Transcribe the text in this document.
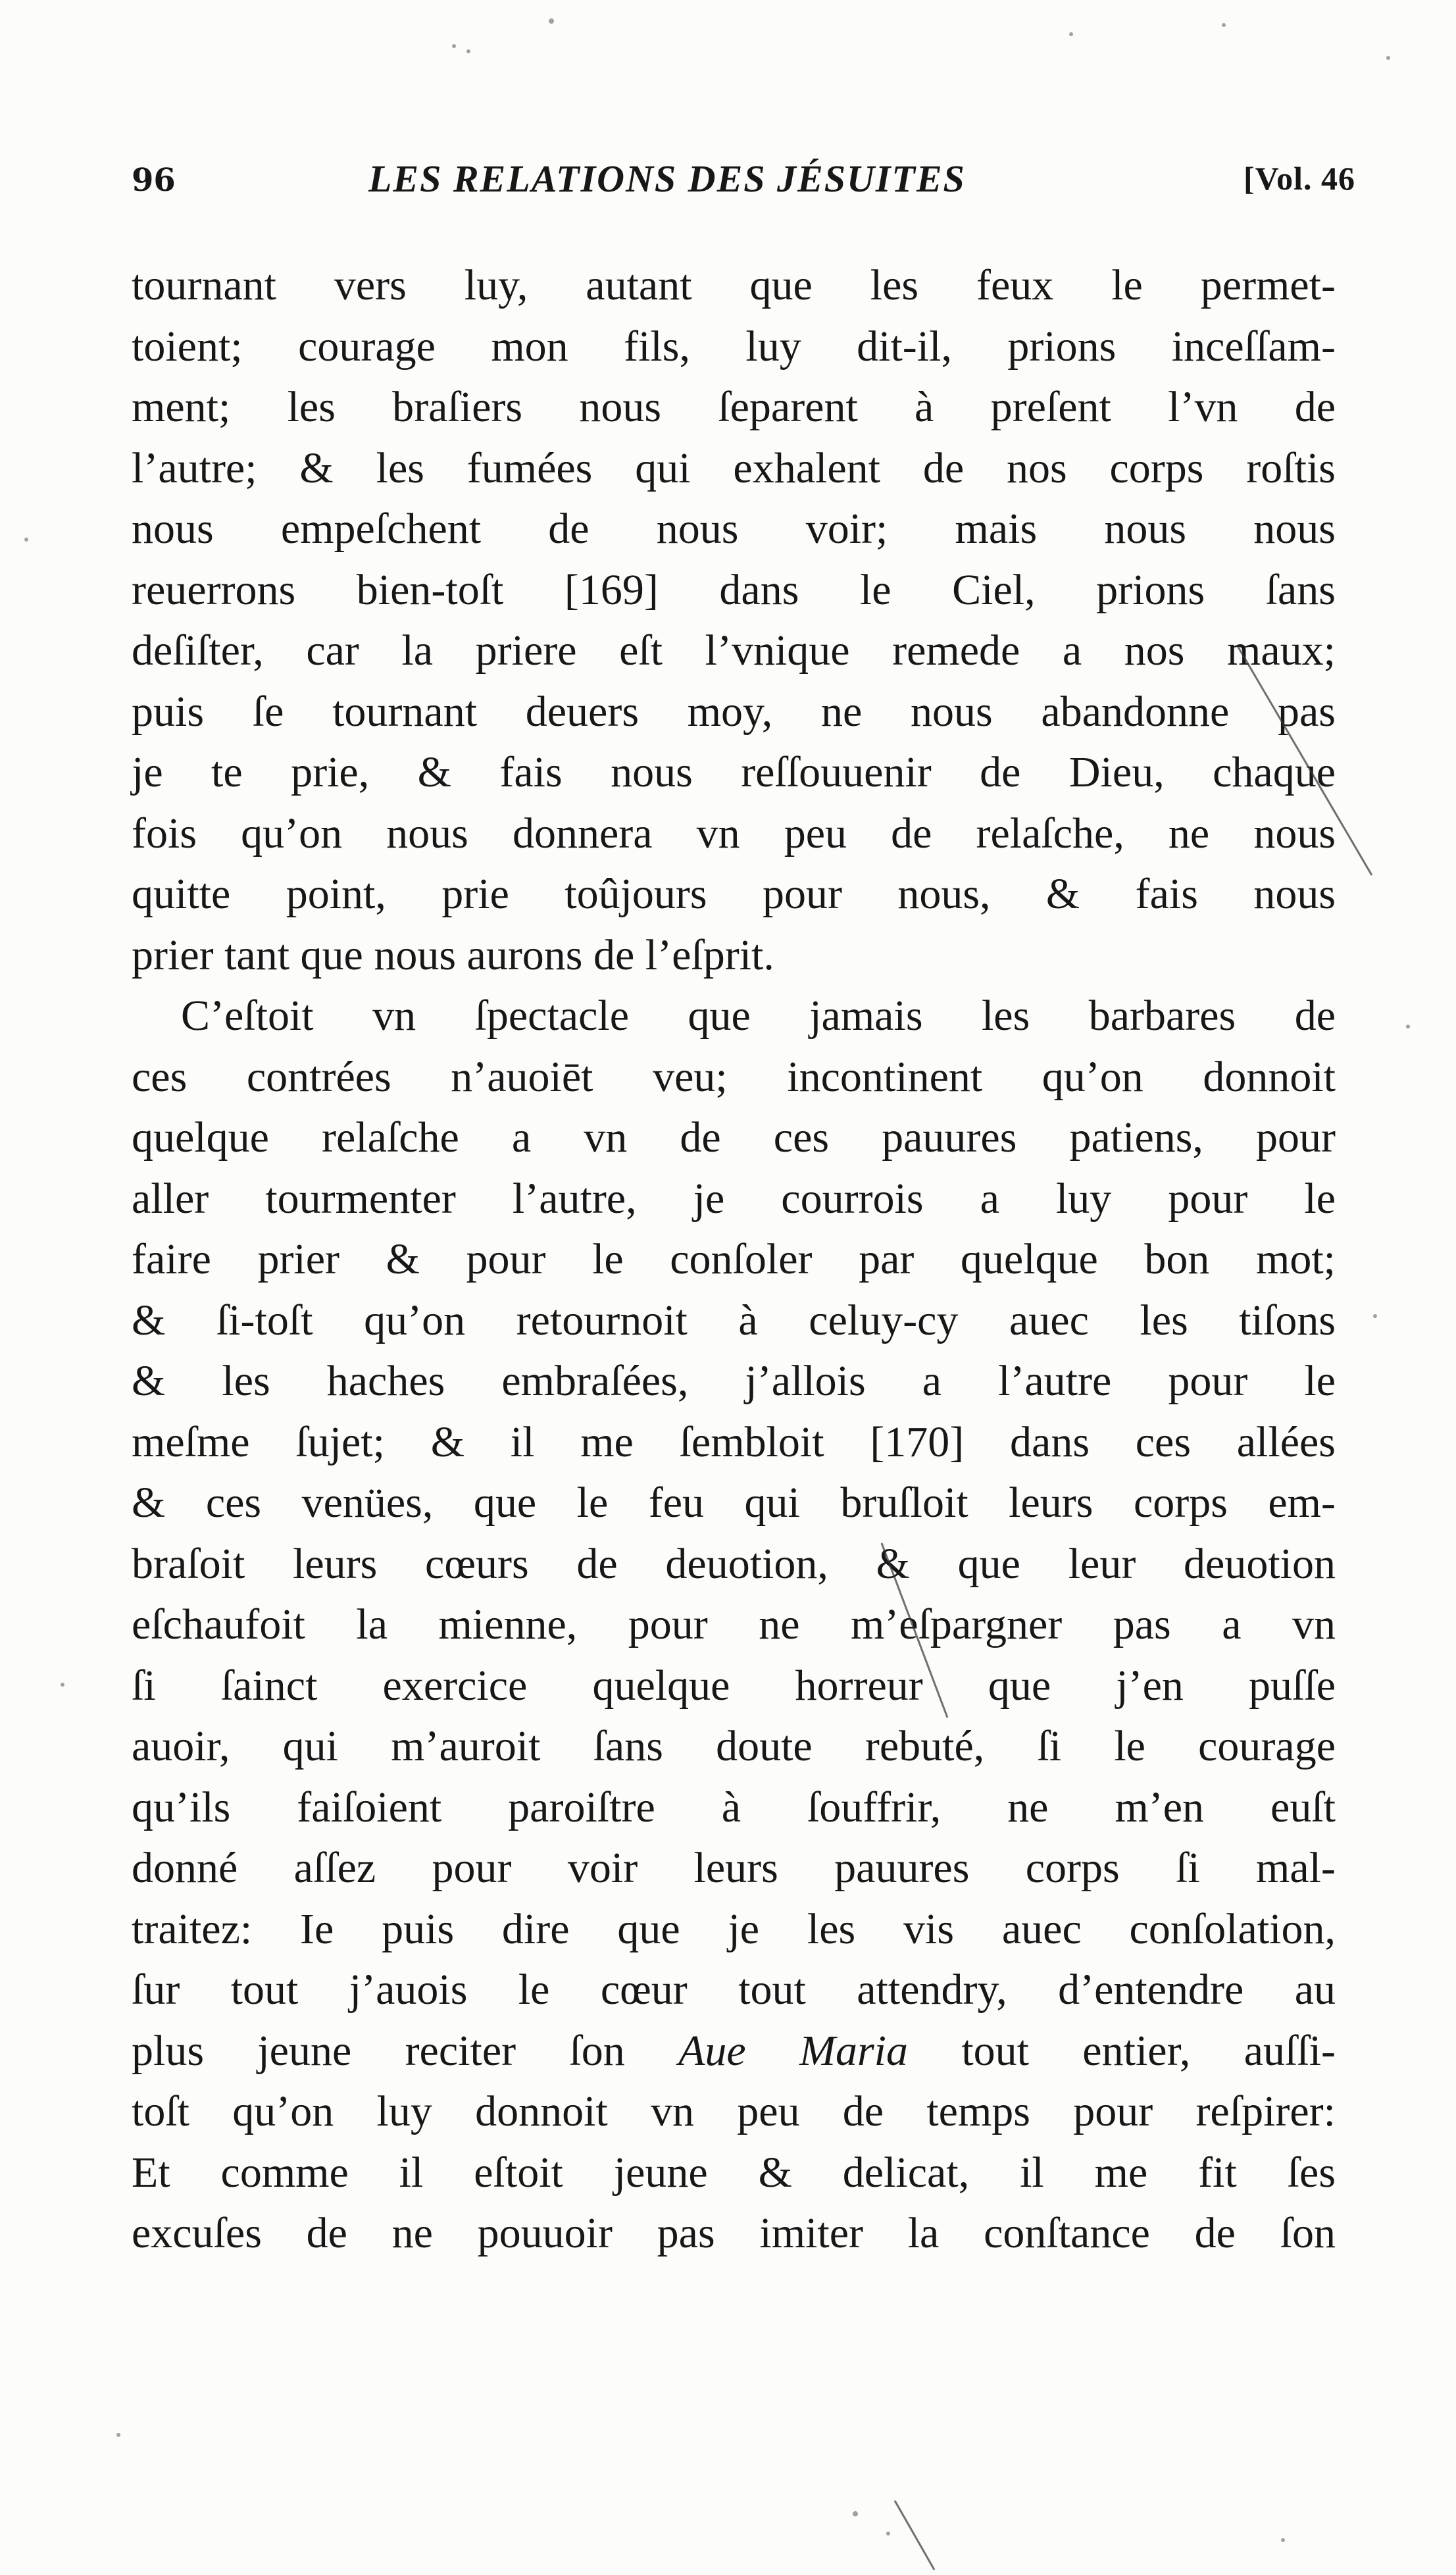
96	LES RELATIONS DES JÉSUITES	[Vol. 46
tournant vers luy, autant que les feux le permet-
toient; courage mon fils, luy dit-il, prions inceſſam-
ment; les braſiers nous ſeparent à preſent l’vn de
l’autre; & les fumées qui exhalent de nos corps roſtis
nous empeſchent de nous voir; mais nous nous
reuerrons bien-toſt [169] dans le Ciel, prions ſans
deſiſter, car la priere eſt l’vnique remede a nos maux;
puis ſe tournant deuers moy, ne nous abandonne pas
je te prie, & fais nous reſſouuenir de Dieu, chaque
fois qu’on nous donnera vn peu de relaſche, ne nous
quitte point, prie toûjours pour nous, & fais nous
prier tant que nous aurons de l’eſprit.
C’eſtoit vn ſpectacle que jamais les barbares de
ces contrées n’auoiēt veu; incontinent qu’on donnoit
quelque relaſche a vn de ces pauures patiens, pour
aller tourmenter l’autre, je courrois a luy pour le
faire prier & pour le conſoler par quelque bon mot;
& ſi-toſt qu’on retournoit à celuy-cy auec les tiſons
& les haches embraſées, j’allois a l’autre pour le
meſme ſujet; & il me ſembloit [170] dans ces allées
& ces venües, que le feu qui bruſloit leurs corps em-
braſoit leurs cœurs de deuotion, & que leur deuotion
eſchaufoit la mienne, pour ne m’eſpargner pas a vn
ſi ſainct exercice quelque horreur que j’en puſſe
auoir, qui m’auroit ſans doute rebuté, ſi le courage
qu’ils faiſoient paroiſtre à ſouffrir, ne m’en euſt
donné aſſez pour voir leurs pauures corps ſi mal-
traitez: Ie puis dire que je les vis auec conſolation,
ſur tout j’auois le cœur tout attendry, d’entendre au
plus jeune reciter ſon Aue Maria tout entier, auſſi-
toſt qu’on luy donnoit vn peu de temps pour reſpirer:
Et comme il eſtoit jeune & delicat, il me fit ſes
excuſes de ne pouuoir pas imiter la conſtance de ſon
